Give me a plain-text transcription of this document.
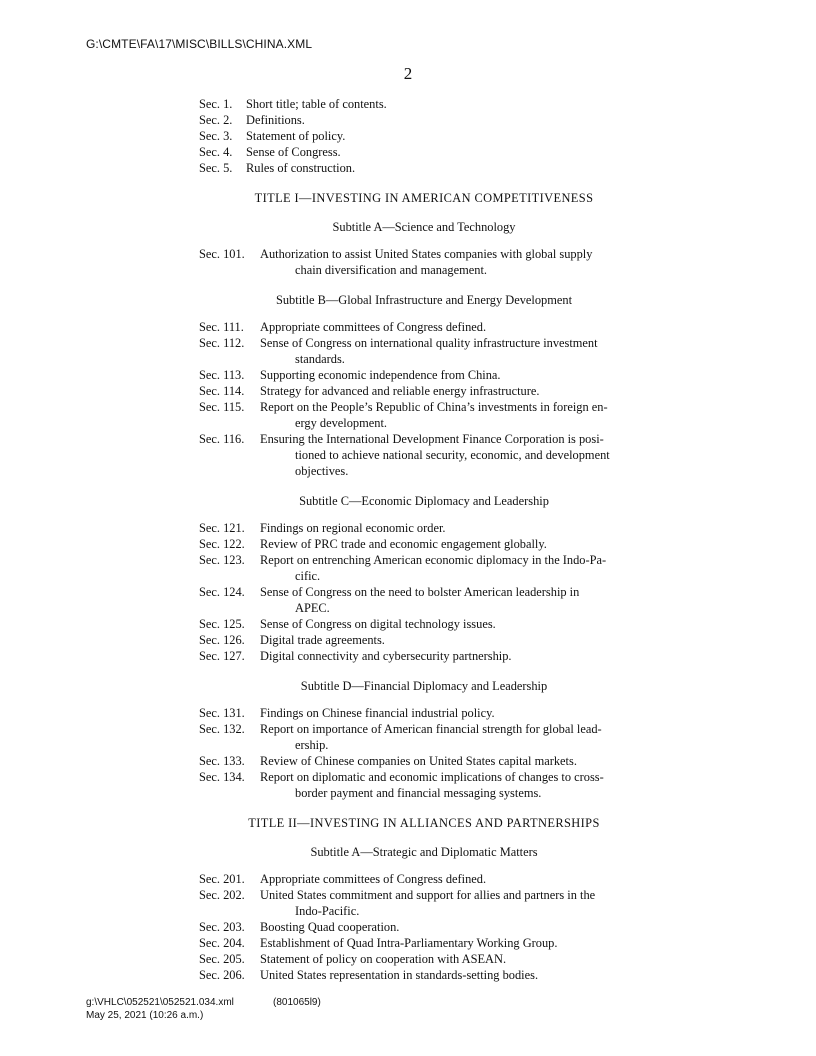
G:\CMTE\FA\17\MISC\BILLS\CHINA.XML
2
Sec. 1. Short title; table of contents.
Sec. 2. Definitions.
Sec. 3. Statement of policy.
Sec. 4. Sense of Congress.
Sec. 5. Rules of construction.
TITLE I—INVESTING IN AMERICAN COMPETITIVENESS
Subtitle A—Science and Technology
Sec. 101. Authorization to assist United States companies with global supply
chain diversification and management.
Subtitle B—Global Infrastructure and Energy Development
Sec. 111. Appropriate committees of Congress defined.
Sec. 112. Sense of Congress on international quality infrastructure investment
standards.
Sec. 113. Supporting economic independence from China.
Sec. 114. Strategy for advanced and reliable energy infrastructure.
Sec. 115. Report on the People’s Republic of China’s investments in foreign en-
ergy development.
Sec. 116. Ensuring the International Development Finance Corporation is posi-
tioned to achieve national security, economic, and development
objectives.
Subtitle C—Economic Diplomacy and Leadership
Sec. 121. Findings on regional economic order.
Sec. 122. Review of PRC trade and economic engagement globally.
Sec. 123. Report on entrenching American economic diplomacy in the Indo-Pa-
cific.
Sec. 124. Sense of Congress on the need to bolster American leadership in
APEC.
Sec. 125. Sense of Congress on digital technology issues.
Sec. 126. Digital trade agreements.
Sec. 127. Digital connectivity and cybersecurity partnership.
Subtitle D—Financial Diplomacy and Leadership
Sec. 131. Findings on Chinese financial industrial policy.
Sec. 132. Report on importance of American financial strength for global lead-
ership.
Sec. 133. Review of Chinese companies on United States capital markets.
Sec. 134. Report on diplomatic and economic implications of changes to cross-
border payment and financial messaging systems.
TITLE II—INVESTING IN ALLIANCES AND PARTNERSHIPS
Subtitle A—Strategic and Diplomatic Matters
Sec. 201. Appropriate committees of Congress defined.
Sec. 202. United States commitment and support for allies and partners in the
Indo-Pacific.
Sec. 203. Boosting Quad cooperation.
Sec. 204. Establishment of Quad Intra-Parliamentary Working Group.
Sec. 205. Statement of policy on cooperation with ASEAN.
Sec. 206. United States representation in standards-setting bodies.
g:\VHLC\052521\052521.034.xml
May 25, 2021 (10:26 a.m.)
(801065l9)
